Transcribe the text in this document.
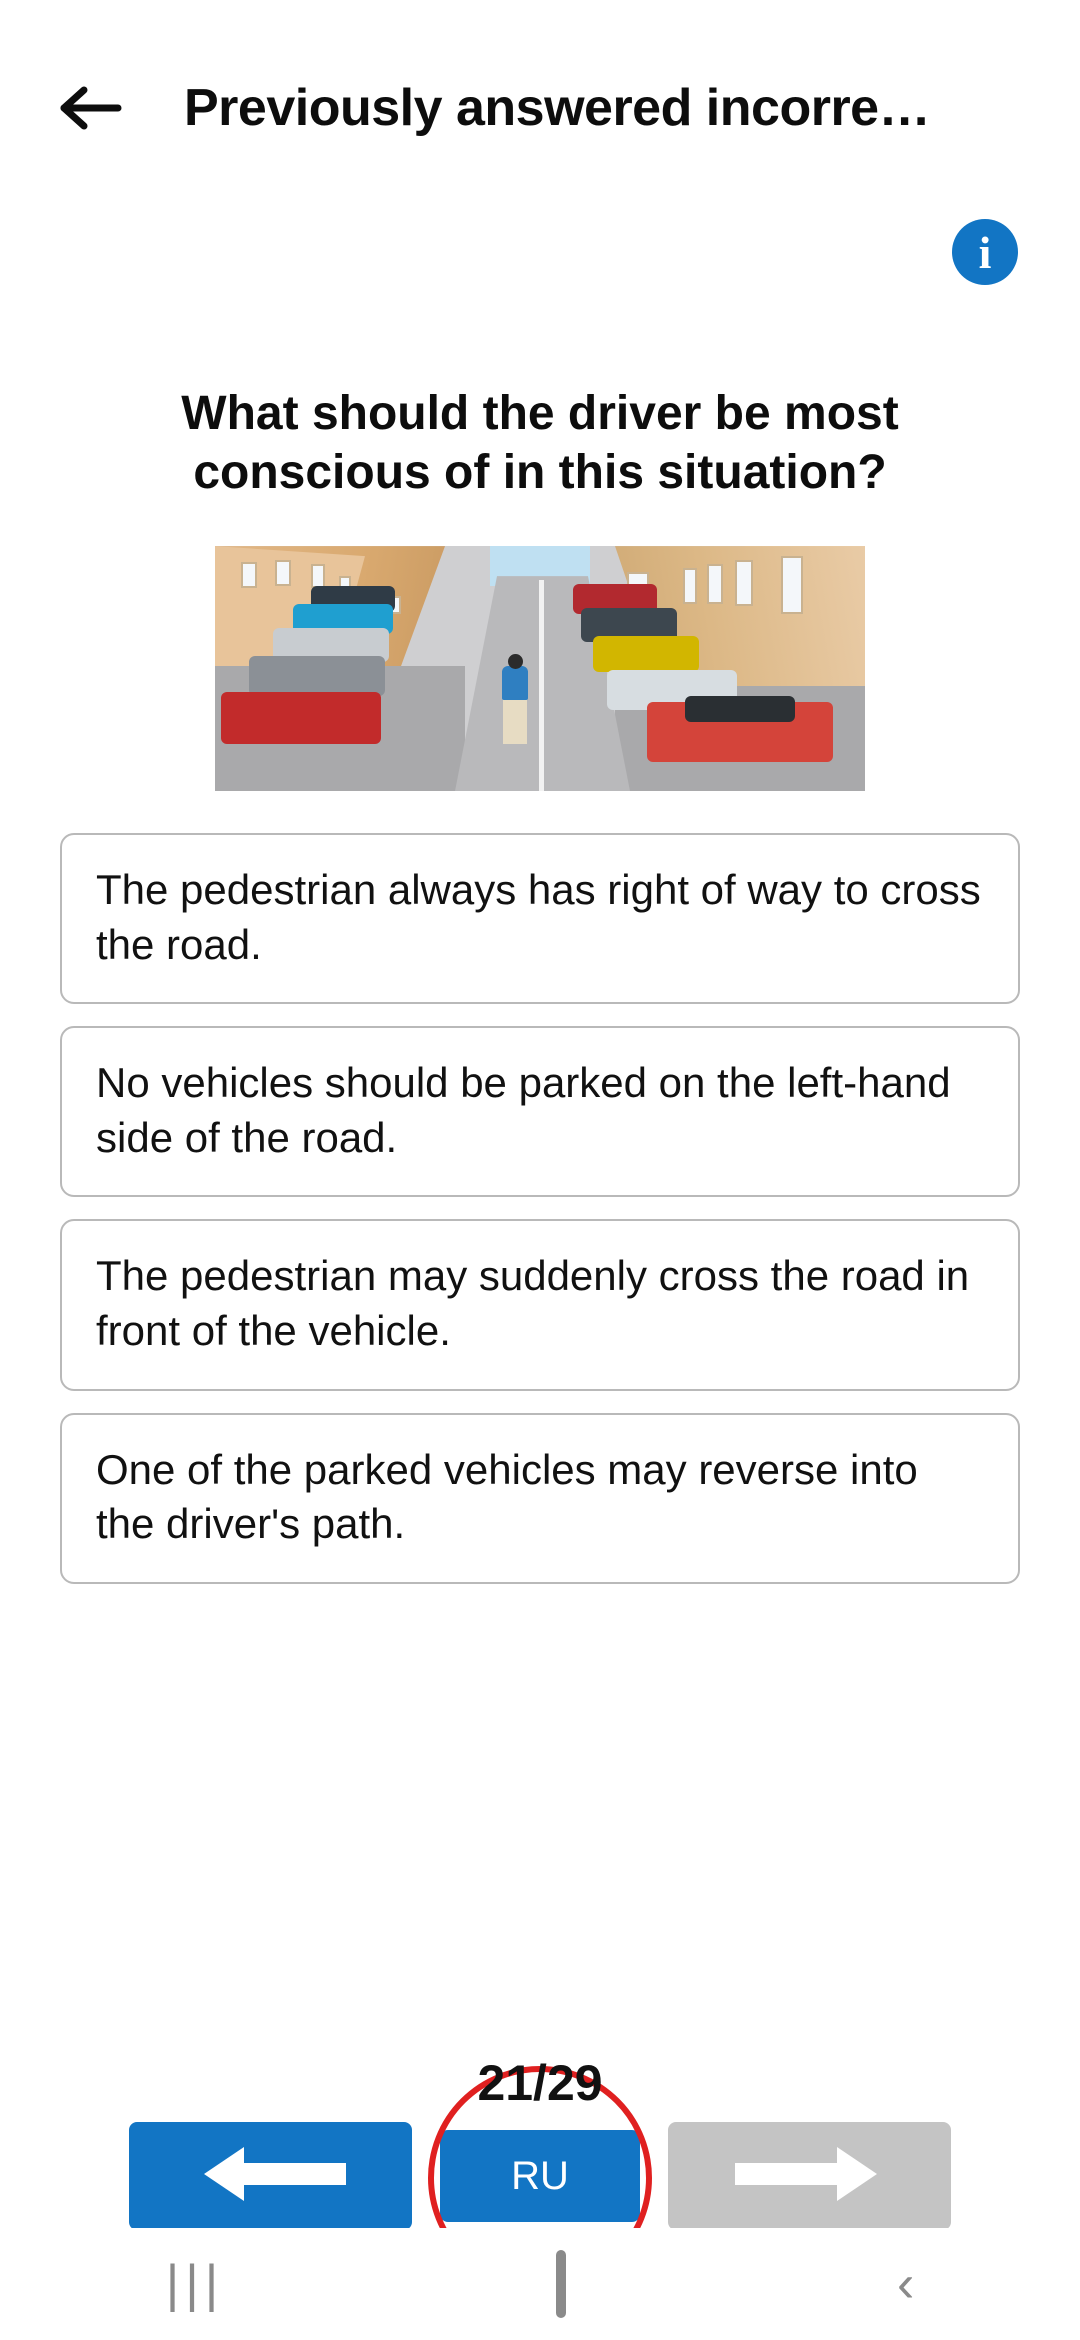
Previously answered incorre…
i
What should the driver be most conscious of in this situation?
The pedestrian always has right of way to cross the road.
No vehicles should be parked on the left-hand side of the road.
The pedestrian may suddenly cross the road in front of the vehicle.
One of the parked vehicles may reverse into the driver's path.
21/29
RU
|||	‹
